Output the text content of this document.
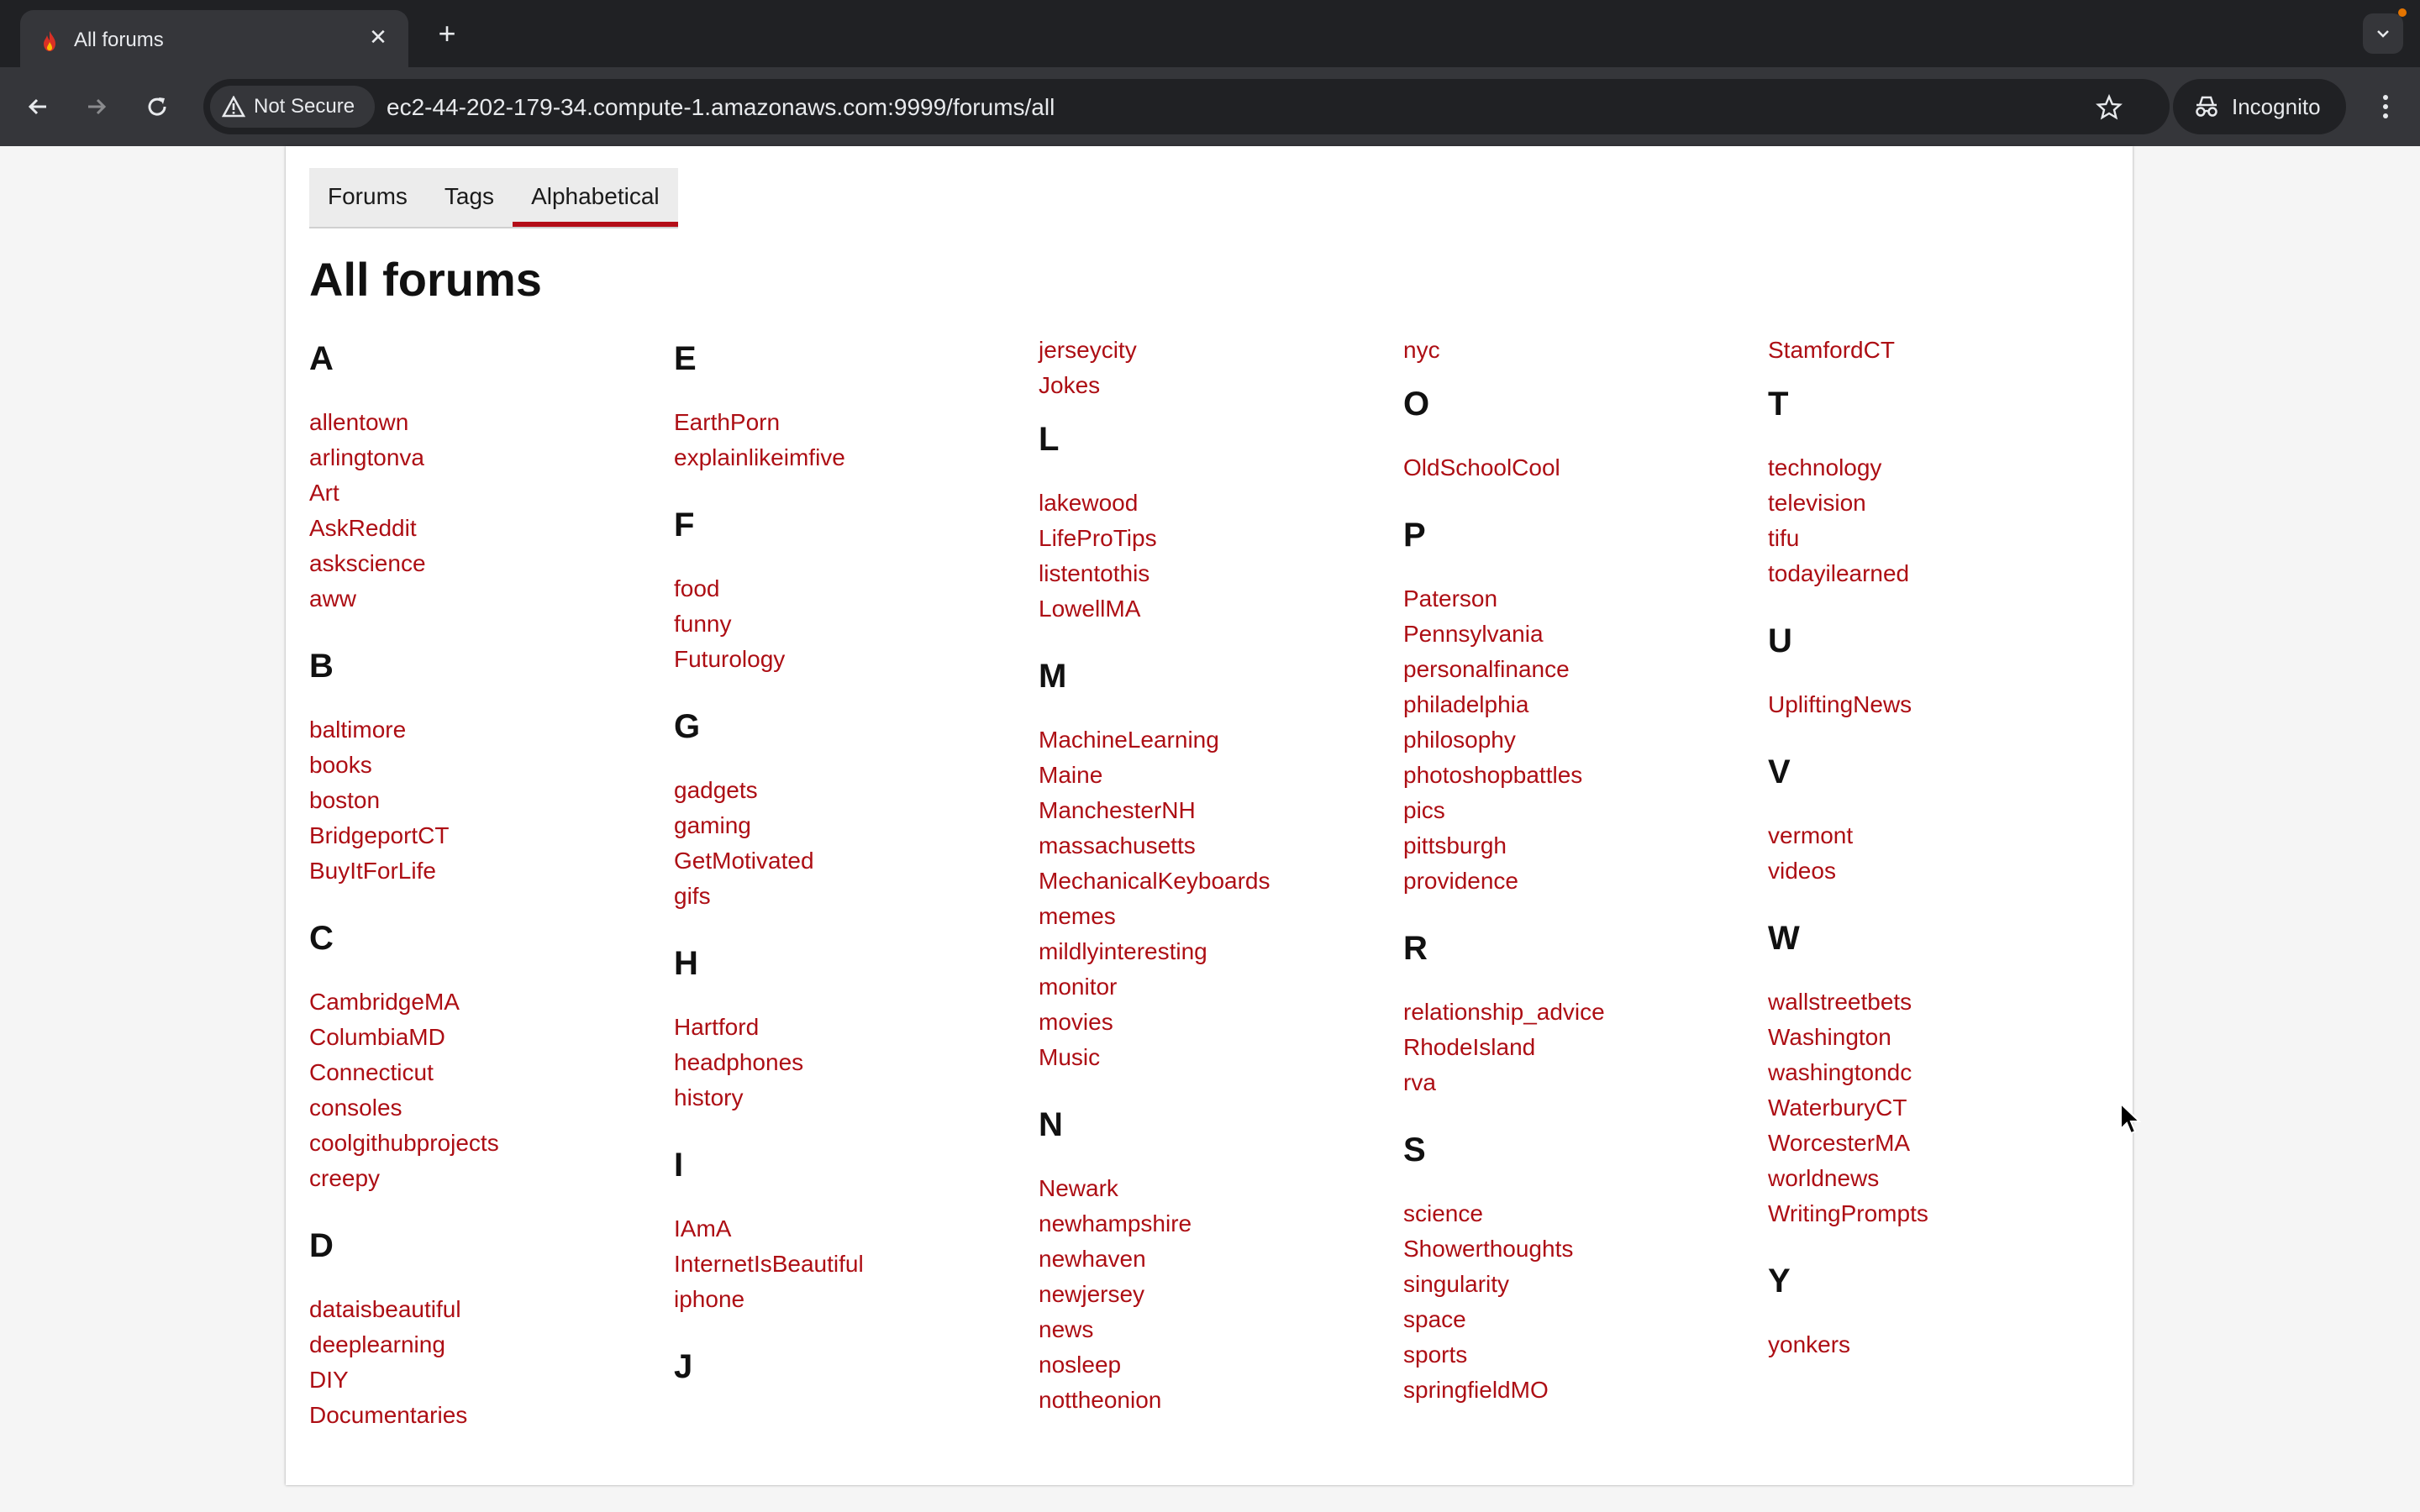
All forums	✕	+
Not Secure ec2-44-202-179-34.compute-1.amazonaws.com:9999/forums/all	Incognito
Forums	Tags	Alphabetical
All forums
A
allentown
arlingtonva
Art
AskReddit
askscience
aww
B
baltimore
books
boston
BridgeportCT
BuyItForLife
C
CambridgeMA
ColumbiaMD
Connecticut
consoles
coolgithubprojects
creepy
D
dataisbeautiful
deeplearning
DIY
Documentaries
E
EarthPorn
explainlikeimfive
F
food
funny
Futurology
G
gadgets
gaming
GetMotivated
gifs
H
Hartford
headphones
history
I
IAmA
InternetIsBeautiful
iphone
J
jerseycity
Jokes
L
lakewood
LifeProTips
listentothis
LowellMA
M
MachineLearning
Maine
ManchesterNH
massachusetts
MechanicalKeyboards
memes
mildlyinteresting
monitor
movies
Music
N
Newark
newhampshire
newhaven
newjersey
news
nosleep
nottheonion
nyc
O
OldSchoolCool
P
Paterson
Pennsylvania
personalfinance
philadelphia
philosophy
photoshopbattles
pics
pittsburgh
providence
R
relationship_advice
RhodeIsland
rva
S
science
Showerthoughts
singularity
space
sports
springfieldMO
StamfordCT
T
technology
television
tifu
todayilearned
U
UpliftingNews
V
vermont
videos
W
wallstreetbets
Washington
washingtondc
WaterburyCT
WorcesterMA
worldnews
WritingPrompts
Y
yonkers
